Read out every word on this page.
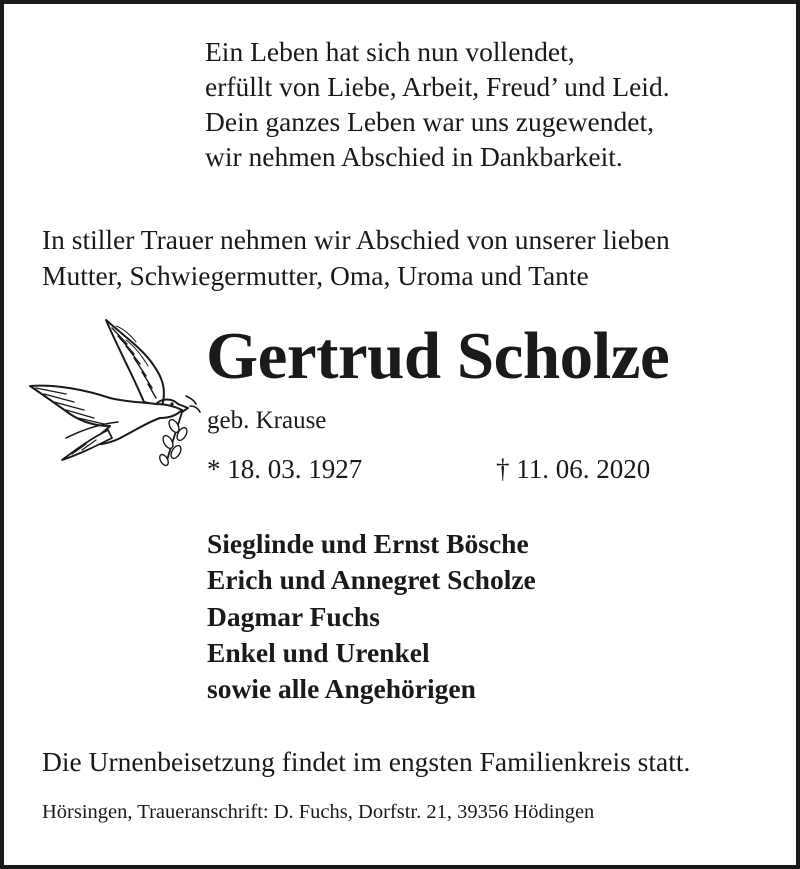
Ein Leben hat sich nun vollendet,
erfüllt von Liebe, Arbeit, Freud’ und Leid.
Dein ganzes Leben war uns zugewendet,
wir nehmen Abschied in Dankbarkeit.
In stiller Trauer nehmen wir Abschied von unserer lieben
Mutter, Schwiegermutter, Oma, Uroma und Tante
Gertrud Scholze
geb. Krause
* 18. 03. 1927	† 11. 06. 2020
Sieglinde und Ernst Bösche
Erich und Annegret Scholze
Dagmar Fuchs
Enkel und Urenkel
sowie alle Angehörigen
Die Urnenbeisetzung findet im engsten Familienkreis statt.
Hörsingen, Traueranschrift: D. Fuchs, Dorfstr. 21, 39356 Hödingen
